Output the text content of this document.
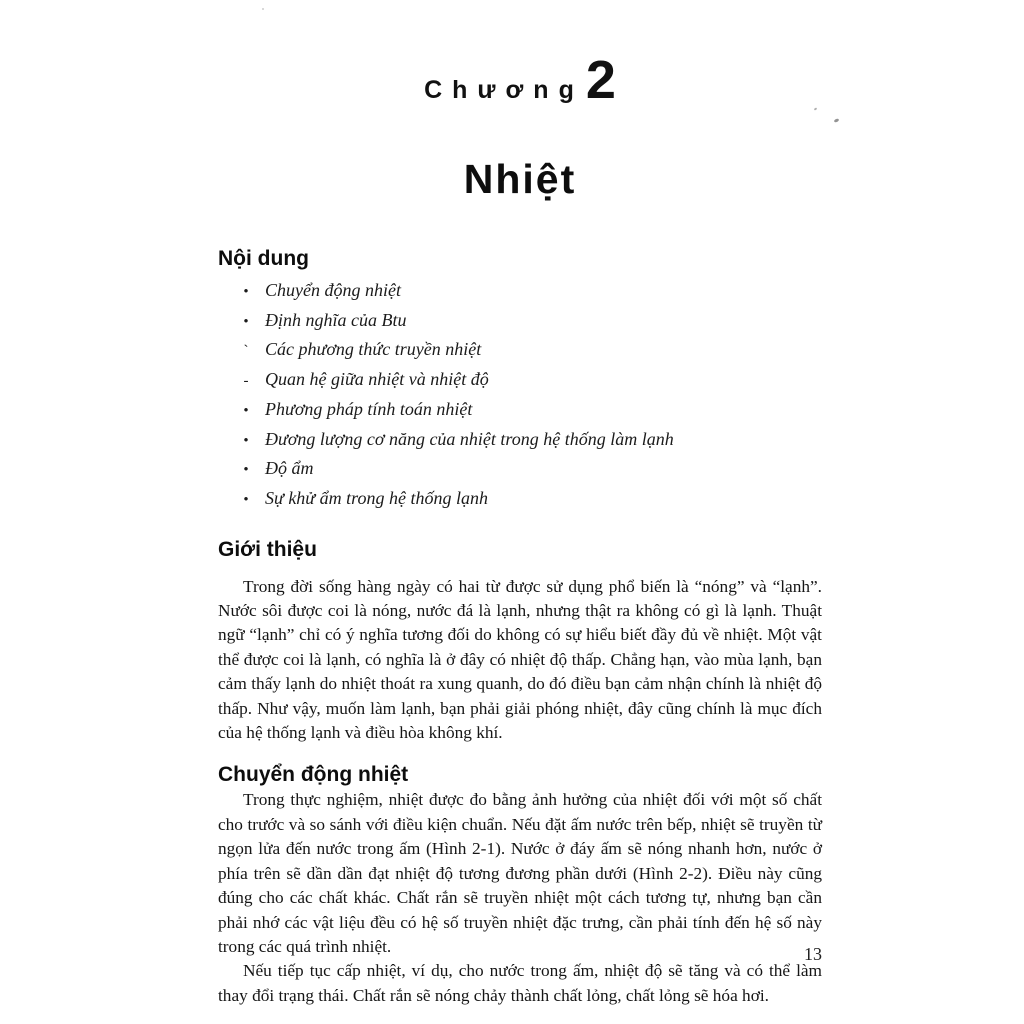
Chương2
Nhiệt
Nội dung
• Chuyển động nhiệt
• Định nghĩa của Btu
ˋ Các phương thức truyền nhiệt
- Quan hệ giữa nhiệt và nhiệt độ
• Phương pháp tính toán nhiệt
• Đương lượng cơ năng của nhiệt trong hệ thống làm lạnh
• Độ ẩm
• Sự khử ẩm trong hệ thống lạnh
Giới thiệu

Trong đời sống hàng ngày có hai từ được sử dụng phổ biến là “nóng” và “lạnh”. Nước sôi được coi là nóng, nước đá là lạnh, nhưng thật ra không có gì là lạnh. Thuật ngữ “lạnh” chỉ có ý nghĩa tương đối do không có sự hiểu biết đầy đủ về nhiệt. Một vật thể được coi là lạnh, có nghĩa là ở đây có nhiệt độ thấp. Chẳng hạn, vào mùa lạnh, bạn cảm thấy lạnh do nhiệt thoát ra xung quanh, do đó điều bạn cảm nhận chính là nhiệt độ thấp. Như vậy, muốn làm lạnh, bạn phải giải phóng nhiệt, đây cũng chính là mục đích của hệ thống lạnh và điều hòa không khí.

Chuyển động nhiệt

Trong thực nghiệm, nhiệt được đo bằng ảnh hưởng của nhiệt đối với một số chất cho trước và so sánh với điều kiện chuẩn. Nếu đặt ấm nước trên bếp, nhiệt sẽ truyền từ ngọn lửa đến nước trong ấm (Hình 2-1). Nước ở đáy ấm sẽ nóng nhanh hơn, nước ở phía trên sẽ dần dần đạt nhiệt độ tương đương phần dưới (Hình 2-2). Điều này cũng đúng cho các chất khác. Chất rắn sẽ truyền nhiệt một cách tương tự, nhưng bạn cần phải nhớ các vật liệu đều có hệ số truyền nhiệt đặc trưng, cần phải tính đến hệ số này trong các quá trình nhiệt.

Nếu tiếp tục cấp nhiệt, ví dụ, cho nước trong ấm, nhiệt độ sẽ tăng và có thể làm thay đổi trạng thái. Chất rắn sẽ nóng chảy thành chất lỏng, chất lỏng sẽ hóa hơi.

13
